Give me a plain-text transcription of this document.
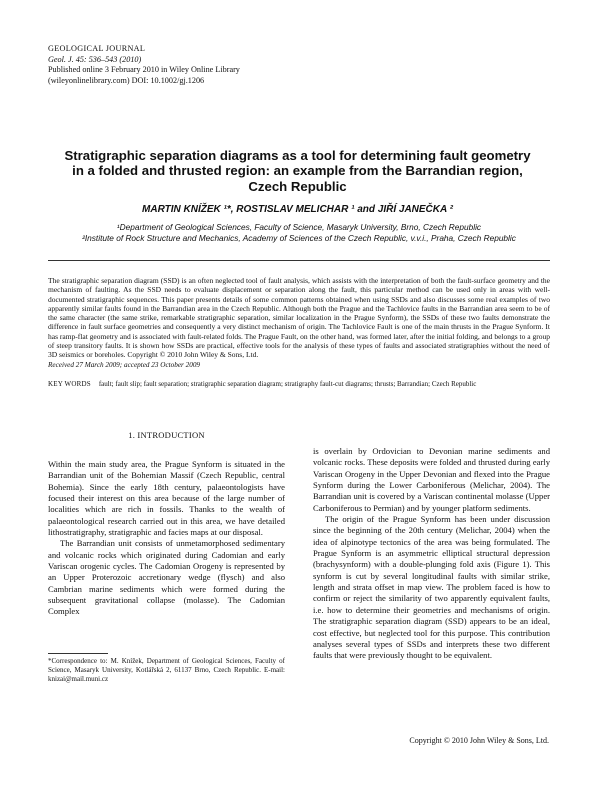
GEOLOGICAL JOURNAL
Geol. J. 45: 536–543 (2010)
Published online 3 February 2010 in Wiley Online Library
(wileyonlinelibrary.com) DOI: 10.1002/gj.1206
Stratigraphic separation diagrams as a tool for determining fault geometry in a folded and thrusted region: an example from the Barrandian region, Czech Republic
MARTIN KNÍŽEK ¹*, ROSTISLAV MELICHAR ¹ and JIŘÍ JANEČKA ²
¹Department of Geological Sciences, Faculty of Science, Masaryk University, Brno, Czech Republic
²Institute of Rock Structure and Mechanics, Academy of Sciences of the Czech Republic, v.v.i., Praha, Czech Republic
The stratigraphic separation diagram (SSD) is an often neglected tool of fault analysis, which assists with the interpretation of both the fault-surface geometry and the mechanism of faulting. As the SSD needs to evaluate displacement or separation along the fault, this particular method can be used only in areas with well-documented stratigraphic sequences. This paper presents details of some common patterns obtained when using SSDs and also discusses some real examples of two apparently similar faults found in the Barrandian area in the Czech Republic. Although both the Prague and the Tachlovice faults in the Barrandian area seem to be of the same character (the same strike, remarkable stratigraphic separation, similar localization in the Prague Synform), the SSDs of these two faults demonstrate the difference in fault surface geometries and consequently a very distinct mechanism of origin. The Tachlovice Fault is one of the main thrusts in the Prague Synform. It has ramp-flat geometry and is associated with fault-related folds. The Prague Fault, on the other hand, was formed later, after the initial folding, and belongs to a group of steep transitory faults. It is shown how SSDs are practical, effective tools for the analysis of these types of faults and associated stratigraphies without the need of 3D seismics or boreholes. Copyright © 2010 John Wiley & Sons, Ltd.
Received 27 March 2009; accepted 23 October 2009
KEY WORDS fault; fault slip; fault separation; stratigraphic separation diagram; stratigraphy fault-cut diagrams; thrusts; Barrandian; Czech Republic
1. INTRODUCTION

Within the main study area, the Prague Synform is situated in the Barrandian unit of the Bohemian Massif (Czech Republic, central Bohemia). Since the early 18th century, palaeontologists have focused their interest on this area because of the large number of localities which are rich in fossils. Thanks to the wealth of palaeontological research carried out in this area, we have detailed lithostratigraphy, stratigraphic and facies maps at our disposal.

The Barrandian unit consists of unmetamorphosed sedimentary and volcanic rocks which originated during Cadomian and early Variscan orogenic cycles. The Cadomian Orogeny is represented by an Upper Proterozoic accretionary wedge (flysch) and also Cambrian marine sediments which were formed during the subsequent gravitational collapse (molasse). The Cadomian Complex

is overlain by Ordovician to Devonian marine sediments and volcanic rocks. These deposits were folded and thrusted during early Variscan Orogeny in the Upper Devonian and flexed into the Prague Synform during the Lower Carboniferous (Melichar, 2004). The Barrandian unit is covered by a Variscan continental molasse (Upper Carboniferous to Permian) and by younger platform sediments.

The origin of the Prague Synform has been under discussion since the beginning of the 20th century (Melichar, 2004) when the idea of alpinotype tectonics of the area was being formulated. The Prague Synform is an asymmetric elliptical structural depression (brachysynform) with a double-plunging fold axis (Figure 1). This synform is cut by several longitudinal faults with similar strike, length and strata offset in map view. The problem faced is how to confirm or reject the similarity of two apparently equivalent faults, i.e. how to determine their geometries and mechanisms of origin. The stratigraphic separation diagram (SSD) appears to be an ideal, cost effective, but neglected tool for this purpose. This contribution analyses several types of SSDs and interprets these two different faults that were previously thought to be equivalent.

*Correspondence to: M. Knížek, Department of Geological Sciences, Faculty of Science, Masaryk University, Kotlářská 2, 61137 Brno, Czech Republic. E-mail: knizai@mail.muni.cz
Copyright © 2010 John Wiley & Sons, Ltd.
